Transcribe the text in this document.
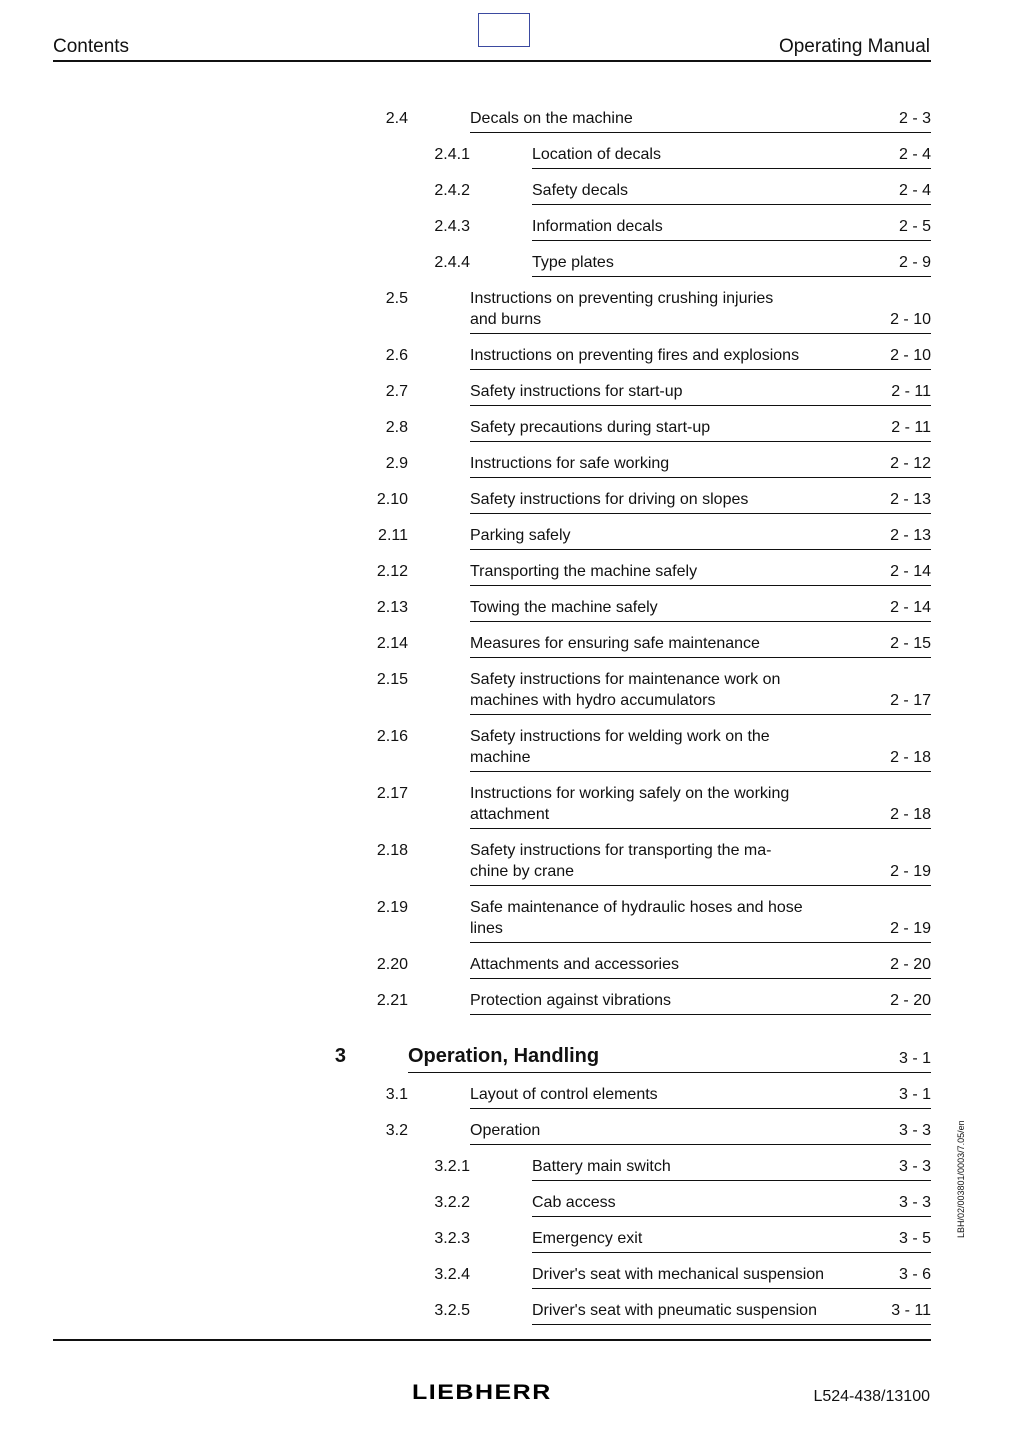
Contents	Operating Manual
2.4	Decals on the machine	2 - 3
2.4.1	Location of decals	2 - 4
2.4.2	Safety decals	2 - 4
2.4.3	Information decals	2 - 5
2.4.4	Type plates	2 - 9
2.5	Instructions on preventing crushing injuries
and burns	2 - 10
2.6	Instructions on preventing fires and explosions	2 - 10
2.7	Safety instructions for start-up	2 - 11
2.8	Safety precautions during start-up	2 - 11
2.9	Instructions for safe working	2 - 12
2.10	Safety instructions for driving on slopes	2 - 13
2.11	Parking safely	2 - 13
2.12	Transporting the machine safely	2 - 14
2.13	Towing the machine safely	2 - 14
2.14	Measures for ensuring safe maintenance	2 - 15
2.15	Safety instructions for maintenance work on
machines with hydro accumulators	2 - 17
2.16	Safety instructions for welding work on the
machine	2 - 18
2.17	Instructions for working safely on the working
attachment	2 - 18
2.18	Safety instructions for transporting the ma-
chine by crane	2 - 19
2.19	Safe maintenance of hydraulic hoses and hose
lines	2 - 19
2.20	Attachments and accessories	2 - 20
2.21	Protection against vibrations	2 - 20
3	Operation, Handling	3 - 1
3.1	Layout of control elements	3 - 1
3.2	Operation	3 - 3
3.2.1	Battery main switch	3 - 3
3.2.2	Cab access	3 - 3
3.2.3	Emergency exit	3 - 5
3.2.4	Driver's seat with mechanical suspension	3 - 6
3.2.5	Driver's seat with pneumatic suspension	3 - 11
LBH/02/003801/0003/7.05/en
LIEBHERR	L524-438/13100
